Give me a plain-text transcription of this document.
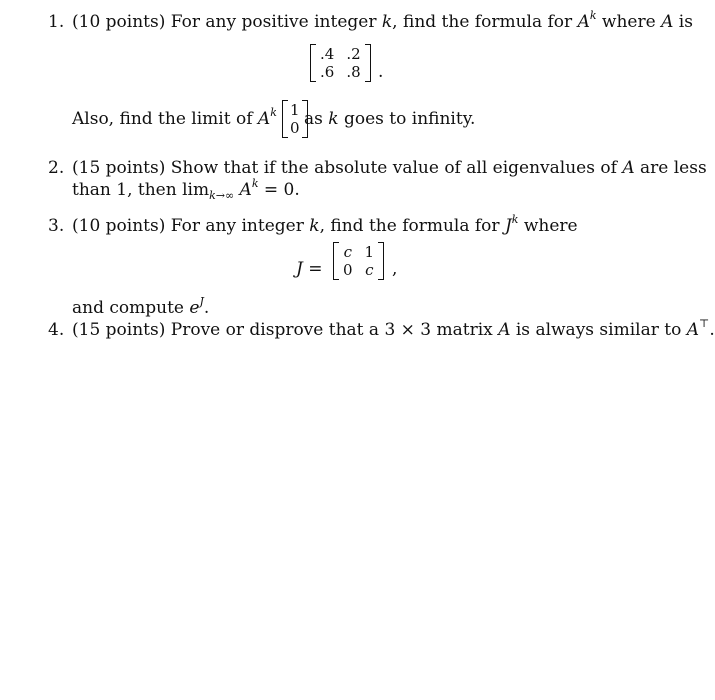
1. (10 points) For any positive integer k, find the formula for $A^k$ where A is
.4 .2
.6 .8 .
Also, find the limit of $A^k$ 1
0 as k goes to infinity.
2. (15 points) Show that if the absolute value of all eigenvalues of A are less
than 1, then $\lim_{k\to\infty} A^k = 0$.
3. (10 points) For any integer k, find the formula for $J^k$ where
J =
c 1
0 c ,
and compute $e^J$.
4. (15 points) Prove or disprove that a 3 × 3 matrix A is always similar to A⊤.
